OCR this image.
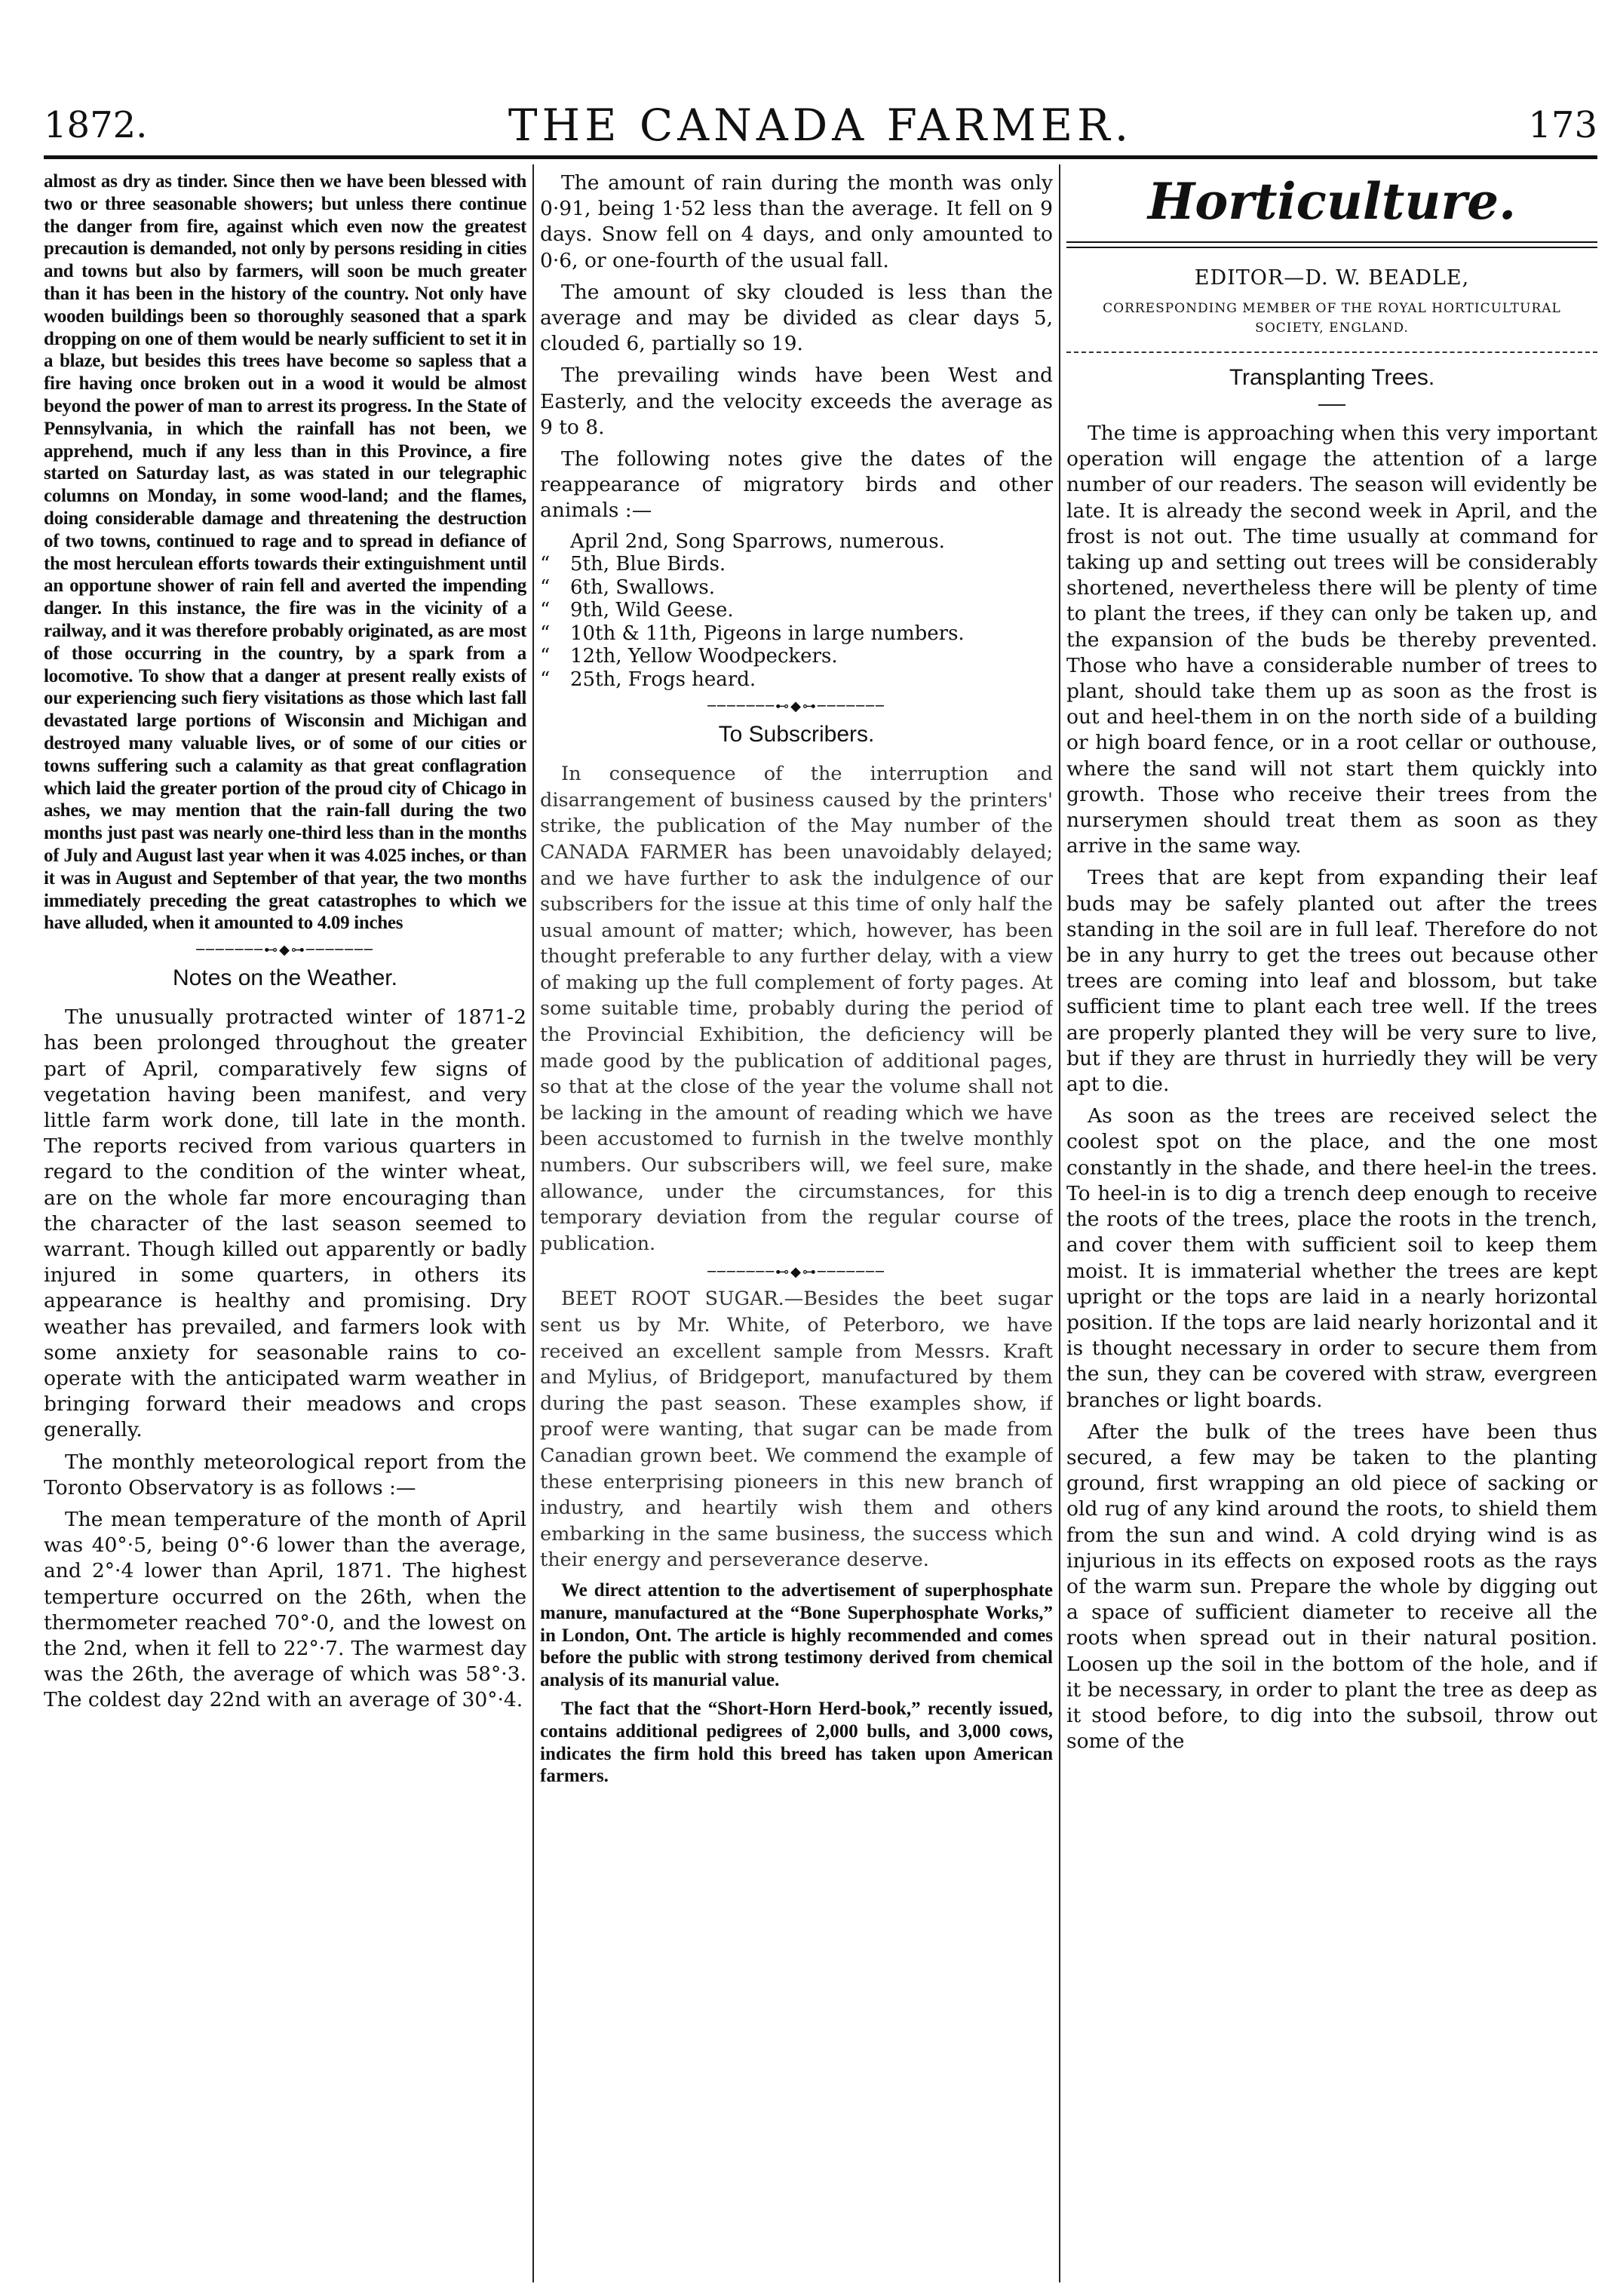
1872.	THE CANADA FARMER.	173

almost as dry as tinder. Since then we have been blessed with two or three seasonable showers; but unless there continue the danger from fire, against which even now the greatest precaution is demanded, not only by persons residing in cities and towns but also by farmers, will soon be much greater than it has been in the history of the country. Not only have wooden buildings been so thoroughly seasoned that a spark dropping on one of them would be nearly sufficient to set it in a blaze, but besides this trees have become so sapless that a fire having once broken out in a wood it would be almost beyond the power of man to arrest its progress. In the State of Pennsylvania, in which the rainfall has not been, we apprehend, much if any less than in this Province, a fire started on Saturday last, as was stated in our telegraphic columns on Monday, in some wood-land; and the flames, doing considerable damage and threatening the destruction of two towns, continued to rage and to spread in defiance of the most herculean efforts towards their extinguishment until an opportune shower of rain fell and averted the impending danger. In this instance, the fire was in the vicinity of a railway, and it was therefore probably originated, as are most of those occurring in the country, by a spark from a locomotive. To show that a danger at present really exists of our experiencing such fiery visitations as those which last fall devastated large portions of Wisconsin and Michigan and destroyed many valuable lives, or of some of our cities or towns suffering such a calamity as that great conflagration which laid the greater portion of the proud city of Chicago in ashes, we may mention that the rain-fall during the two months just past was nearly one-third less than in the months of July and August last year when it was 4.025 inches, or than it was in August and September of that year, the two months immediately preceding the great catastrophes to which we have alluded, when it amounted to 4.09 inches

───────⊷◆⊶───────
Notes on the Weather.

The unusually protracted winter of 1871-2 has been prolonged throughout the greater part of April, comparatively few signs of vegetation having been manifest, and very little farm work done, till late in the month. The reports recived from various quarters in regard to the condition of the winter wheat, are on the whole far more encouraging than the character of the last season seemed to warrant. Though killed out apparently or badly injured in some quarters, in others its appearance is healthy and promising. Dry weather has prevailed, and farmers look with some anxiety for seasonable rains to co-operate with the anticipated warm weather in bringing forward their meadows and crops generally.

The monthly meteorological report from the Toronto Observatory is as follows :—

The mean temperature of the month of April was 40°·5, being 0°·6 lower than the average, and 2°·4 lower than April, 1871. The highest temperture occurred on the 26th, when the thermometer reached 70°·0, and the lowest on the 2nd, when it fell to 22°·7. The warmest day was the 26th, the average of which was 58°·3. The coldest day 22nd with an average of 30°·4.

The amount of rain during the month was only 0·91, being 1·52 less than the average. It fell on 9 days. Snow fell on 4 days, and only amounted to 0·6, or one-fourth of the usual fall.

The amount of sky clouded is less than the average and may be divided as clear days 5, clouded 6, partially so 19.

The prevailing winds have been West and Easterly, and the velocity exceeds the average as 9 to 8.

The following notes give the dates of the reappearance of migratory birds and other animals :—

April 2nd, Song Sparrows, numerous.
“	5th, Blue Birds.
“	6th, Swallows.
“	9th, Wild Geese.
“	10th & 11th, Pigeons in large numbers.
“	12th, Yellow Woodpeckers.
“	25th, Frogs heard.
───────⊷◆⊶───────
To Subscribers.

In consequence of the interruption and disarrangement of business caused by the printers' strike, the publication of the May number of the CANADA FARMER has been unavoidably delayed; and we have further to ask the indulgence of our subscribers for the issue at this time of only half the usual amount of matter; which, however, has been thought preferable to any further delay, with a view of making up the full complement of forty pages. At some suitable time, probably during the period of the Provincial Exhibition, the deficiency will be made good by the publication of additional pages, so that at the close of the year the volume shall not be lacking in the amount of reading which we have been accustomed to furnish in the twelve monthly numbers. Our subscribers will, we feel sure, make allowance, under the circumstances, for this temporary deviation from the regular course of publication.

───────⊷◆⊶───────

BEET ROOT SUGAR.—Besides the beet sugar sent us by Mr. White, of Peterboro, we have received an excellent sample from Messrs. Kraft and Mylius, of Bridgeport, manufactured by them during the past season. These examples show, if proof were wanting, that sugar can be made from Canadian grown beet. We commend the example of these enterprising pioneers in this new branch of industry, and heartily wish them and others embarking in the same business, the success which their energy and perseverance deserve.

We direct attention to the advertisement of superphosphate manure, manufactured at the “Bone Superphosphate Works,” in London, Ont. The article is highly recommended and comes before the public with strong testimony derived from chemical analysis of its manurial value.

The fact that the “Short-Horn Herd-book,” recently issued, contains additional pedigrees of 2,000 bulls, and 3,000 cows, indicates the firm hold this breed has taken upon American farmers.

Horticulture.
EDITOR—D. W. BEADLE,
CORRESPONDING MEMBER OF THE ROYAL HORTICULTURAL SOCIETY, ENGLAND.
Transplanting Trees.

The time is approaching when this very important operation will engage the attention of a large number of our readers. The season will evidently be late. It is already the second week in April, and the frost is not out. The time usually at command for taking up and setting out trees will be considerably shortened, nevertheless there will be plenty of time to plant the trees, if they can only be taken up, and the expansion of the buds be thereby prevented. Those who have a considerable number of trees to plant, should take them up as soon as the frost is out and heel-them in on the north side of a building or high board fence, or in a root cellar or outhouse, where the sand will not start them quickly into growth. Those who receive their trees from the nurserymen should treat them as soon as they arrive in the same way.

Trees that are kept from expanding their leaf buds may be safely planted out after the trees standing in the soil are in full leaf. Therefore do not be in any hurry to get the trees out because other trees are coming into leaf and blossom, but take sufficient time to plant each tree well. If the trees are properly planted they will be very sure to live, but if they are thrust in hurriedly they will be very apt to die.

As soon as the trees are received select the coolest spot on the place, and the one most constantly in the shade, and there heel-in the trees. To heel-in is to dig a trench deep enough to receive the roots of the trees, place the roots in the trench, and cover them with sufficient soil to keep them moist. It is immaterial whether the trees are kept upright or the tops are laid in a nearly horizontal position. If the tops are laid nearly horizontal and it is thought necessary in order to secure them from the sun, they can be covered with straw, evergreen branches or light boards.

After the bulk of the trees have been thus secured, a few may be taken to the planting ground, first wrapping an old piece of sacking or old rug of any kind around the roots, to shield them from the sun and wind. A cold drying wind is as injurious in its effects on exposed roots as the rays of the warm sun. Prepare the whole by digging out a space of sufficient diameter to receive all the roots when spread out in their natural position. Loosen up the soil in the bottom of the hole, and if it be necessary, in order to plant the tree as deep as it stood before, to dig into the subsoil, throw out some of the
